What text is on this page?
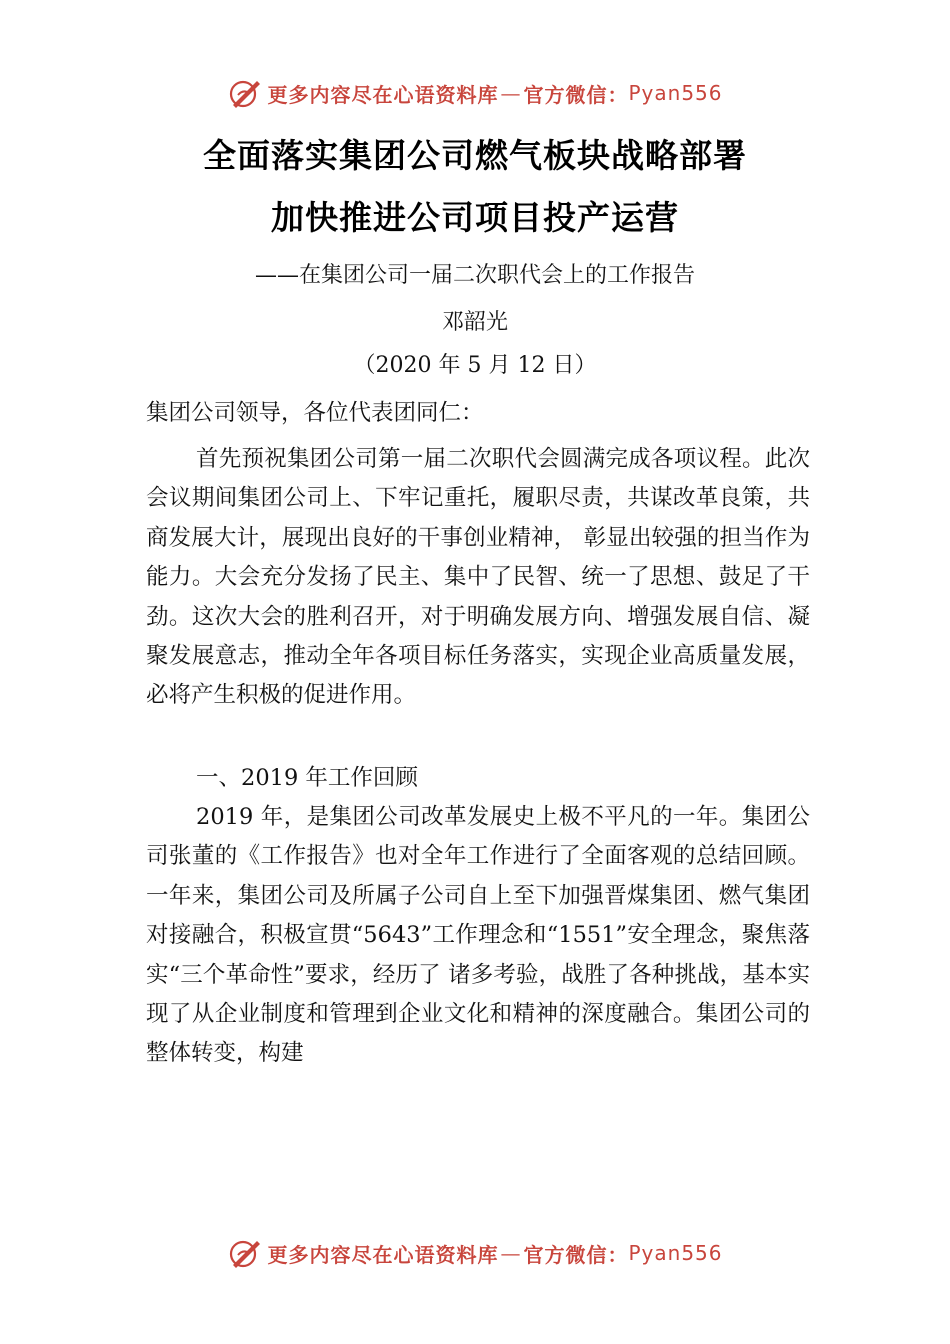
更多内容尽在心语资料库 — 官方微信： Pyan556
全面落实集团公司燃气板块战略部署
加快推进公司项目投产运营
——在集团公司一届二次职代会上的工作报告
邓韶光
（2020 年 5 月 12 日）
集团公司领导，各位代表团同仁：

首先预祝集团公司第一届二次职代会圆满完成各项议程。此次会议期间集团公司上、下牢记重托，履职尽责，共谋改革良策，共商发展大计，展现出良好的干事创业精神， 彰显出较强的担当作为能力。大会充分发扬了民主、集中了民智、统一了思想、鼓足了干劲。这次大会的胜利召开，对于明确发展方向、增强发展自信、凝聚发展意志，推动全年各项目标任务落实，实现企业高质量发展，必将产生积极的促进作用。

一、2019 年工作回顾

2019 年，是集团公司改革发展史上极不平凡的一年。集团公司张董的《工作报告》也对全年工作进行了全面客观的总结回顾。一年来，集团公司及所属子公司自上至下加强晋煤集团、燃气集团对接融合，积极宣贯“5643”工作理念和“1551”安全理念，聚焦落实“三个革命性”要求，经历了 诸多考验，战胜了各种挑战，基本实现了从企业制度和管理到企业文化和精神的深度融合。集团公司的整体转变，构建

更多内容尽在心语资料库 — 官方微信： Pyan556
